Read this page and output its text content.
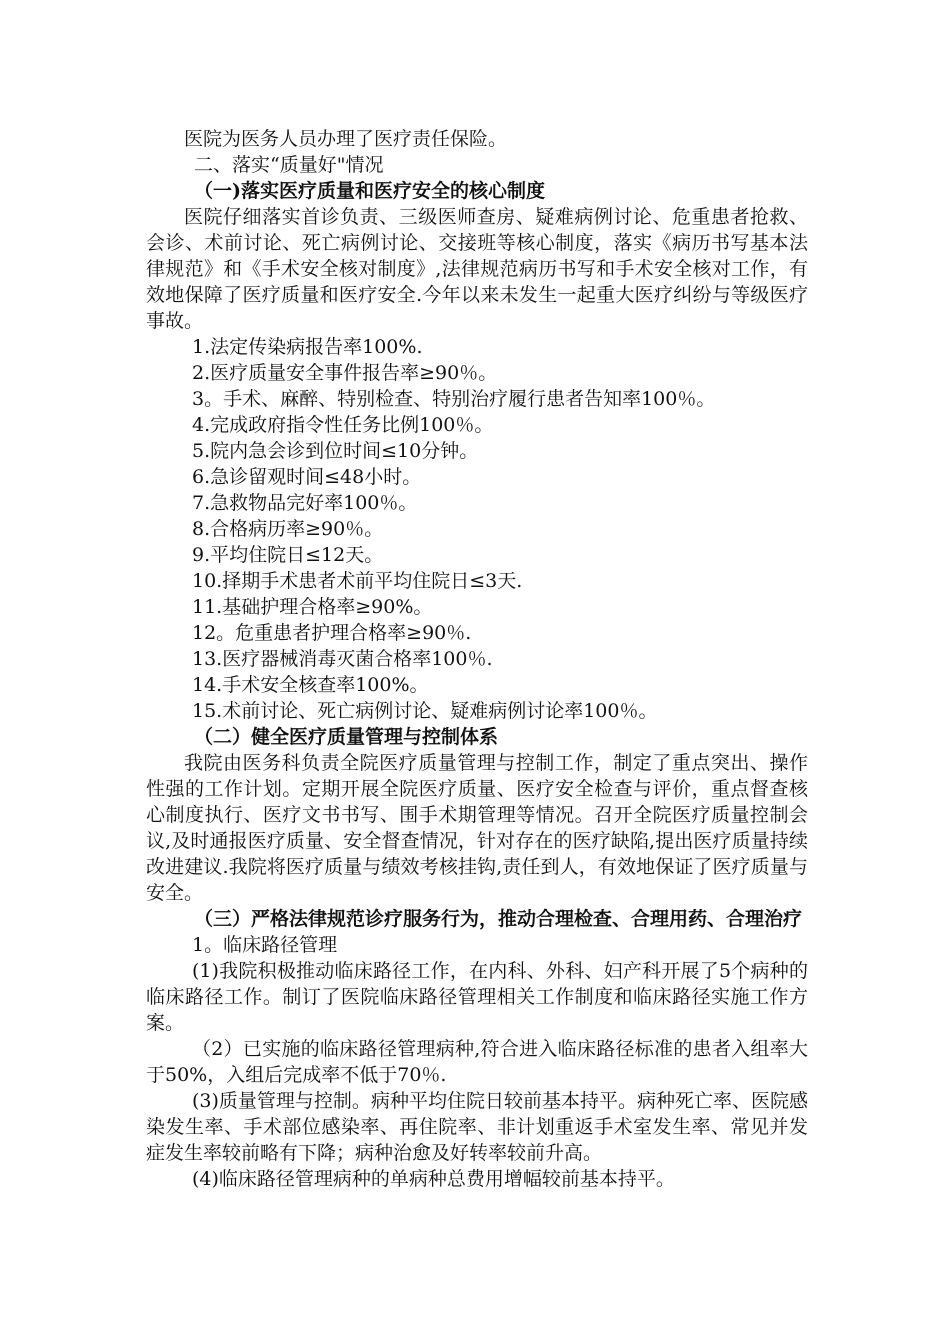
医院为医务人员办理了医疗责任保险。

二、落实“质量好"情况

（一)落实医疗质量和医疗安全的核心制度

医院仔细落实首诊负责、三级医师查房、疑难病例讨论、危重患者抢救、会诊、术前讨论、死亡病例讨论、交接班等核心制度，落实《病历书写基本法律规范》和《手术安全核对制度》,法律规范病历书写和手术安全核对工作，有效地保障了医疗质量和医疗安全.今年以来未发生一起重大医疗纠纷与等级医疗事故。

1.法定传染病报告率100%.

2.医疗质量安全事件报告率≥90％。

3。手术、麻醉、特别检查、特别治疗履行患者告知率100％。

4.完成政府指令性任务比例100％。

5.院内急会诊到位时间≤10分钟。

6.急诊留观时间≤48小时。

7.急救物品完好率100％。

8.合格病历率≥90％。

9.平均住院日≤12天。

10.择期手术患者术前平均住院日≤3天.

11.基础护理合格率≥90%。

12。危重患者护理合格率≥90％.

13.医疗器械消毒灭菌合格率100％.

14.手术安全核查率100%。

15.术前讨论、死亡病例讨论、疑难病例讨论率100％。

（二）健全医疗质量管理与控制体系

我院由医务科负责全院医疗质量管理与控制工作，制定了重点突出、操作性强的工作计划。定期开展全院医疗质量、医疗安全检查与评价，重点督查核心制度执行、医疗文书书写、围手术期管理等情况。召开全院医疗质量控制会议,及时通报医疗质量、安全督查情况，针对存在的医疗缺陷,提出医疗质量持续改进建议.我院将医疗质量与绩效考核挂钩,责任到人，有效地保证了医疗质量与安全。

（三）严格法律规范诊疗服务行为，推动合理检查、合理用药、合理治疗

1。临床路径管理

(1)我院积极推动临床路径工作，在内科、外科、妇产科开展了5个病种的临床路径工作。制订了医院临床路径管理相关工作制度和临床路径实施工作方案。

（2）已实施的临床路径管理病种,符合进入临床路径标准的患者入组率大于50%，入组后完成率不低于70％.

(3)质量管理与控制。病种平均住院日较前基本持平。病种死亡率、医院感染发生率、手术部位感染率、再住院率、非计划重返手术室发生率、常见并发症发生率较前略有下降；病种治愈及好转率较前升高。

(4)临床路径管理病种的单病种总费用增幅较前基本持平。
